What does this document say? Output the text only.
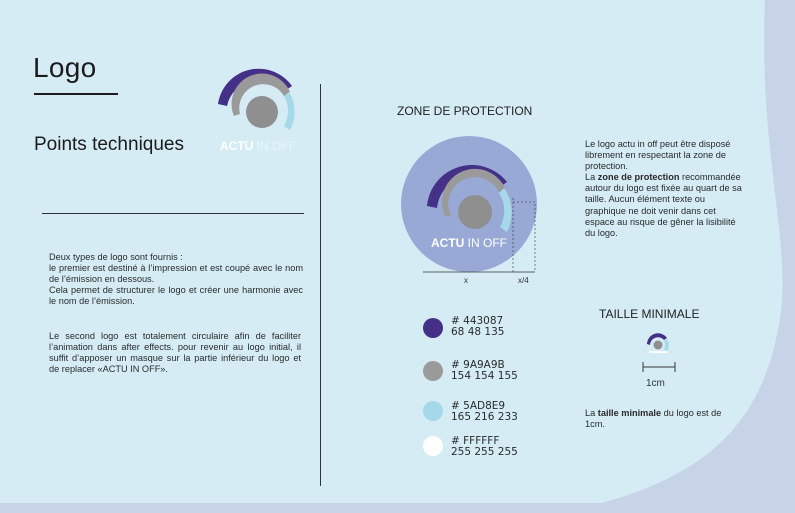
Logo
Points techniques	ACTU IN OFF
Deux types de logo sont fournis :
le premier est destiné à l’impression et est coupé avec le nom de l’émission en dessous.
Cela permet de structurer le logo et créer une harmonie avec le nom de l’émission.
Le second logo est totalement circulaire afin de faciliter l’animation dans after effects. pour revenir au logo initial, il suffit d’apposer un masque sur la partie inférieur du logo et de replacer «ACTU IN OFF».
ZONE DE PROTECTION
ACTU IN OFF
x	x/4
Le logo actu in off peut être disposé librement en respectant la zone de protection.
La zone de protection recommandée autour du logo est fixée au quart de sa taille. Aucun élément texte ou graphique ne doit venir dans cet espace au risque de gêner la lisibilité du logo.
# 443087
68 48 135
# 9A9A9B
154 154 155
# 5AD8E9
165 216 233
# FFFFFF
255 255 255
TAILLE MINIMALE
1cm
La taille minimale du logo est de 1cm.
